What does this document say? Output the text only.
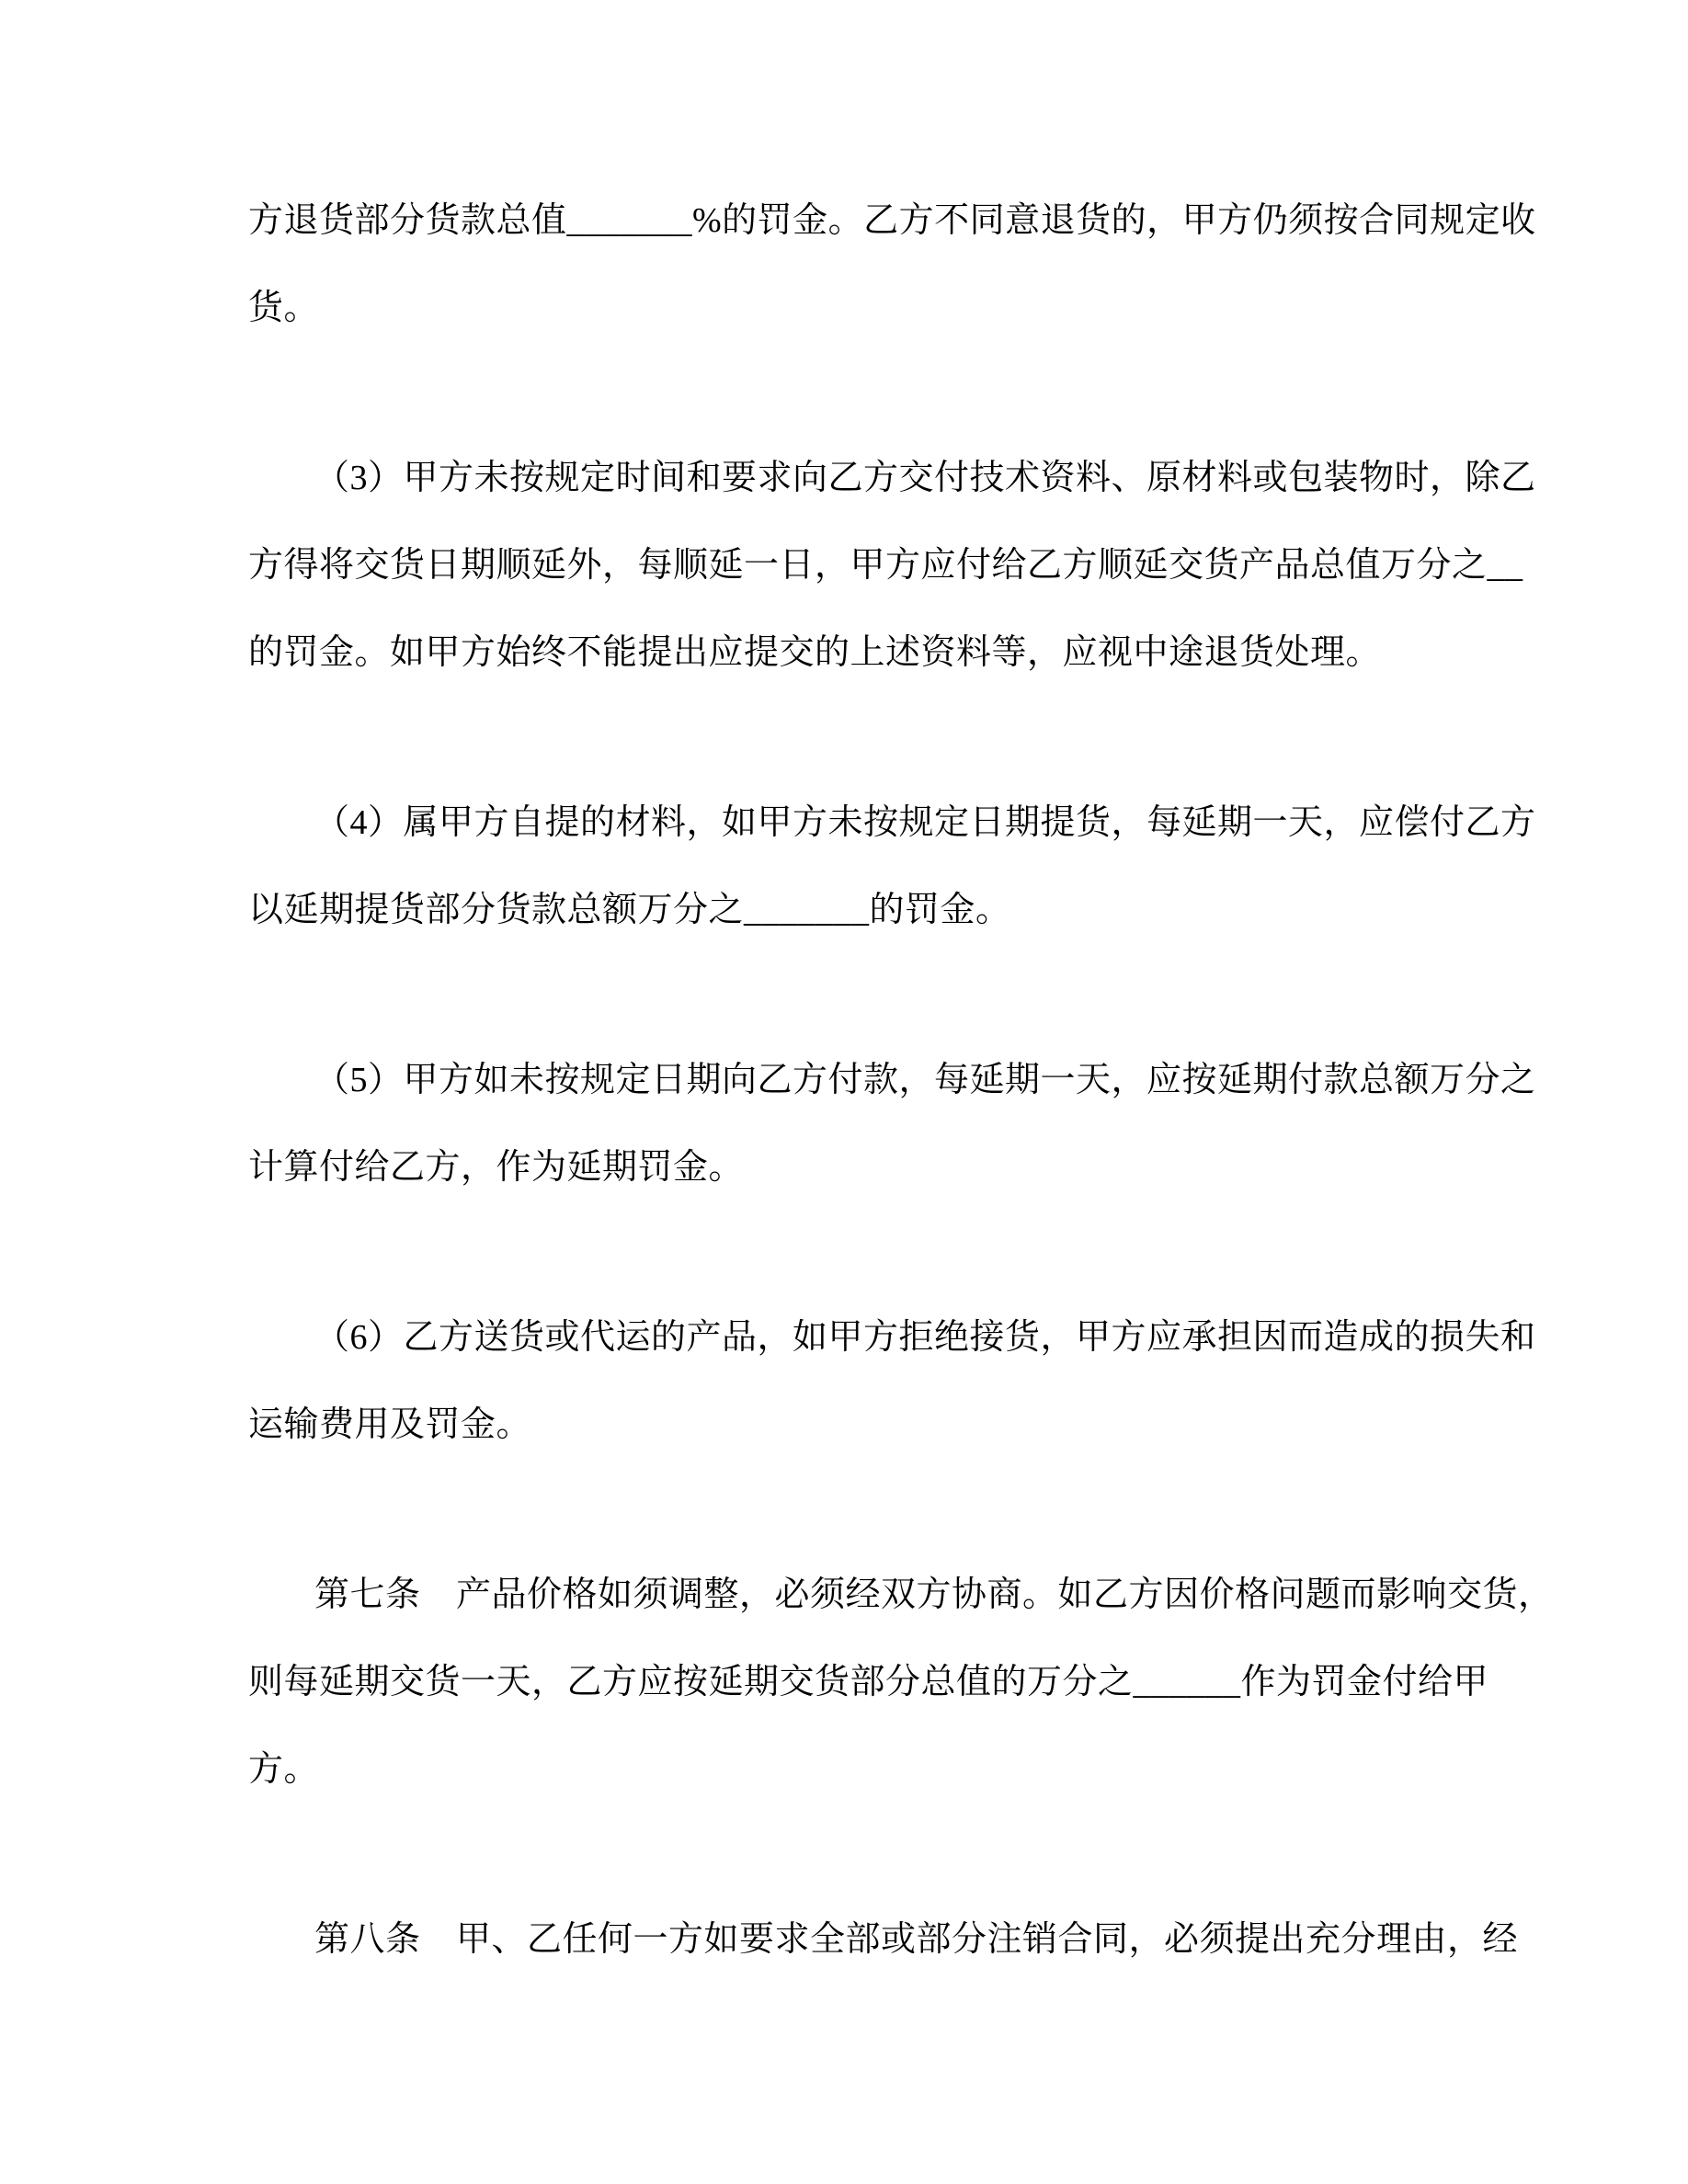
方退货部分货款总值_______%的罚金。乙方不同意退货的，甲方仍须按合同规定收
货。
（3）甲方未按规定时间和要求向乙方交付技术资料、原材料或包装物时，除乙
方得将交货日期顺延外，每顺延一日，甲方应付给乙方顺延交货产品总值万分之__
的罚金。如甲方始终不能提出应提交的上述资料等，应视中途退货处理。
（4）属甲方自提的材料，如甲方未按规定日期提货，每延期一天，应偿付乙方
以延期提货部分货款总额万分之_______的罚金。
（5）甲方如未按规定日期向乙方付款，每延期一天，应按延期付款总额万分之
计算付给乙方，作为延期罚金。
（6）乙方送货或代运的产品，如甲方拒绝接货，甲方应承担因而造成的损失和
运输费用及罚金。
第七条　产品价格如须调整，必须经双方协商。如乙方因价格问题而影响交货，
则每延期交货一天，乙方应按延期交货部分总值的万分之______作为罚金付给甲
方。
第八条　甲、乙任何一方如要求全部或部分注销合同，必须提出充分理由，经
